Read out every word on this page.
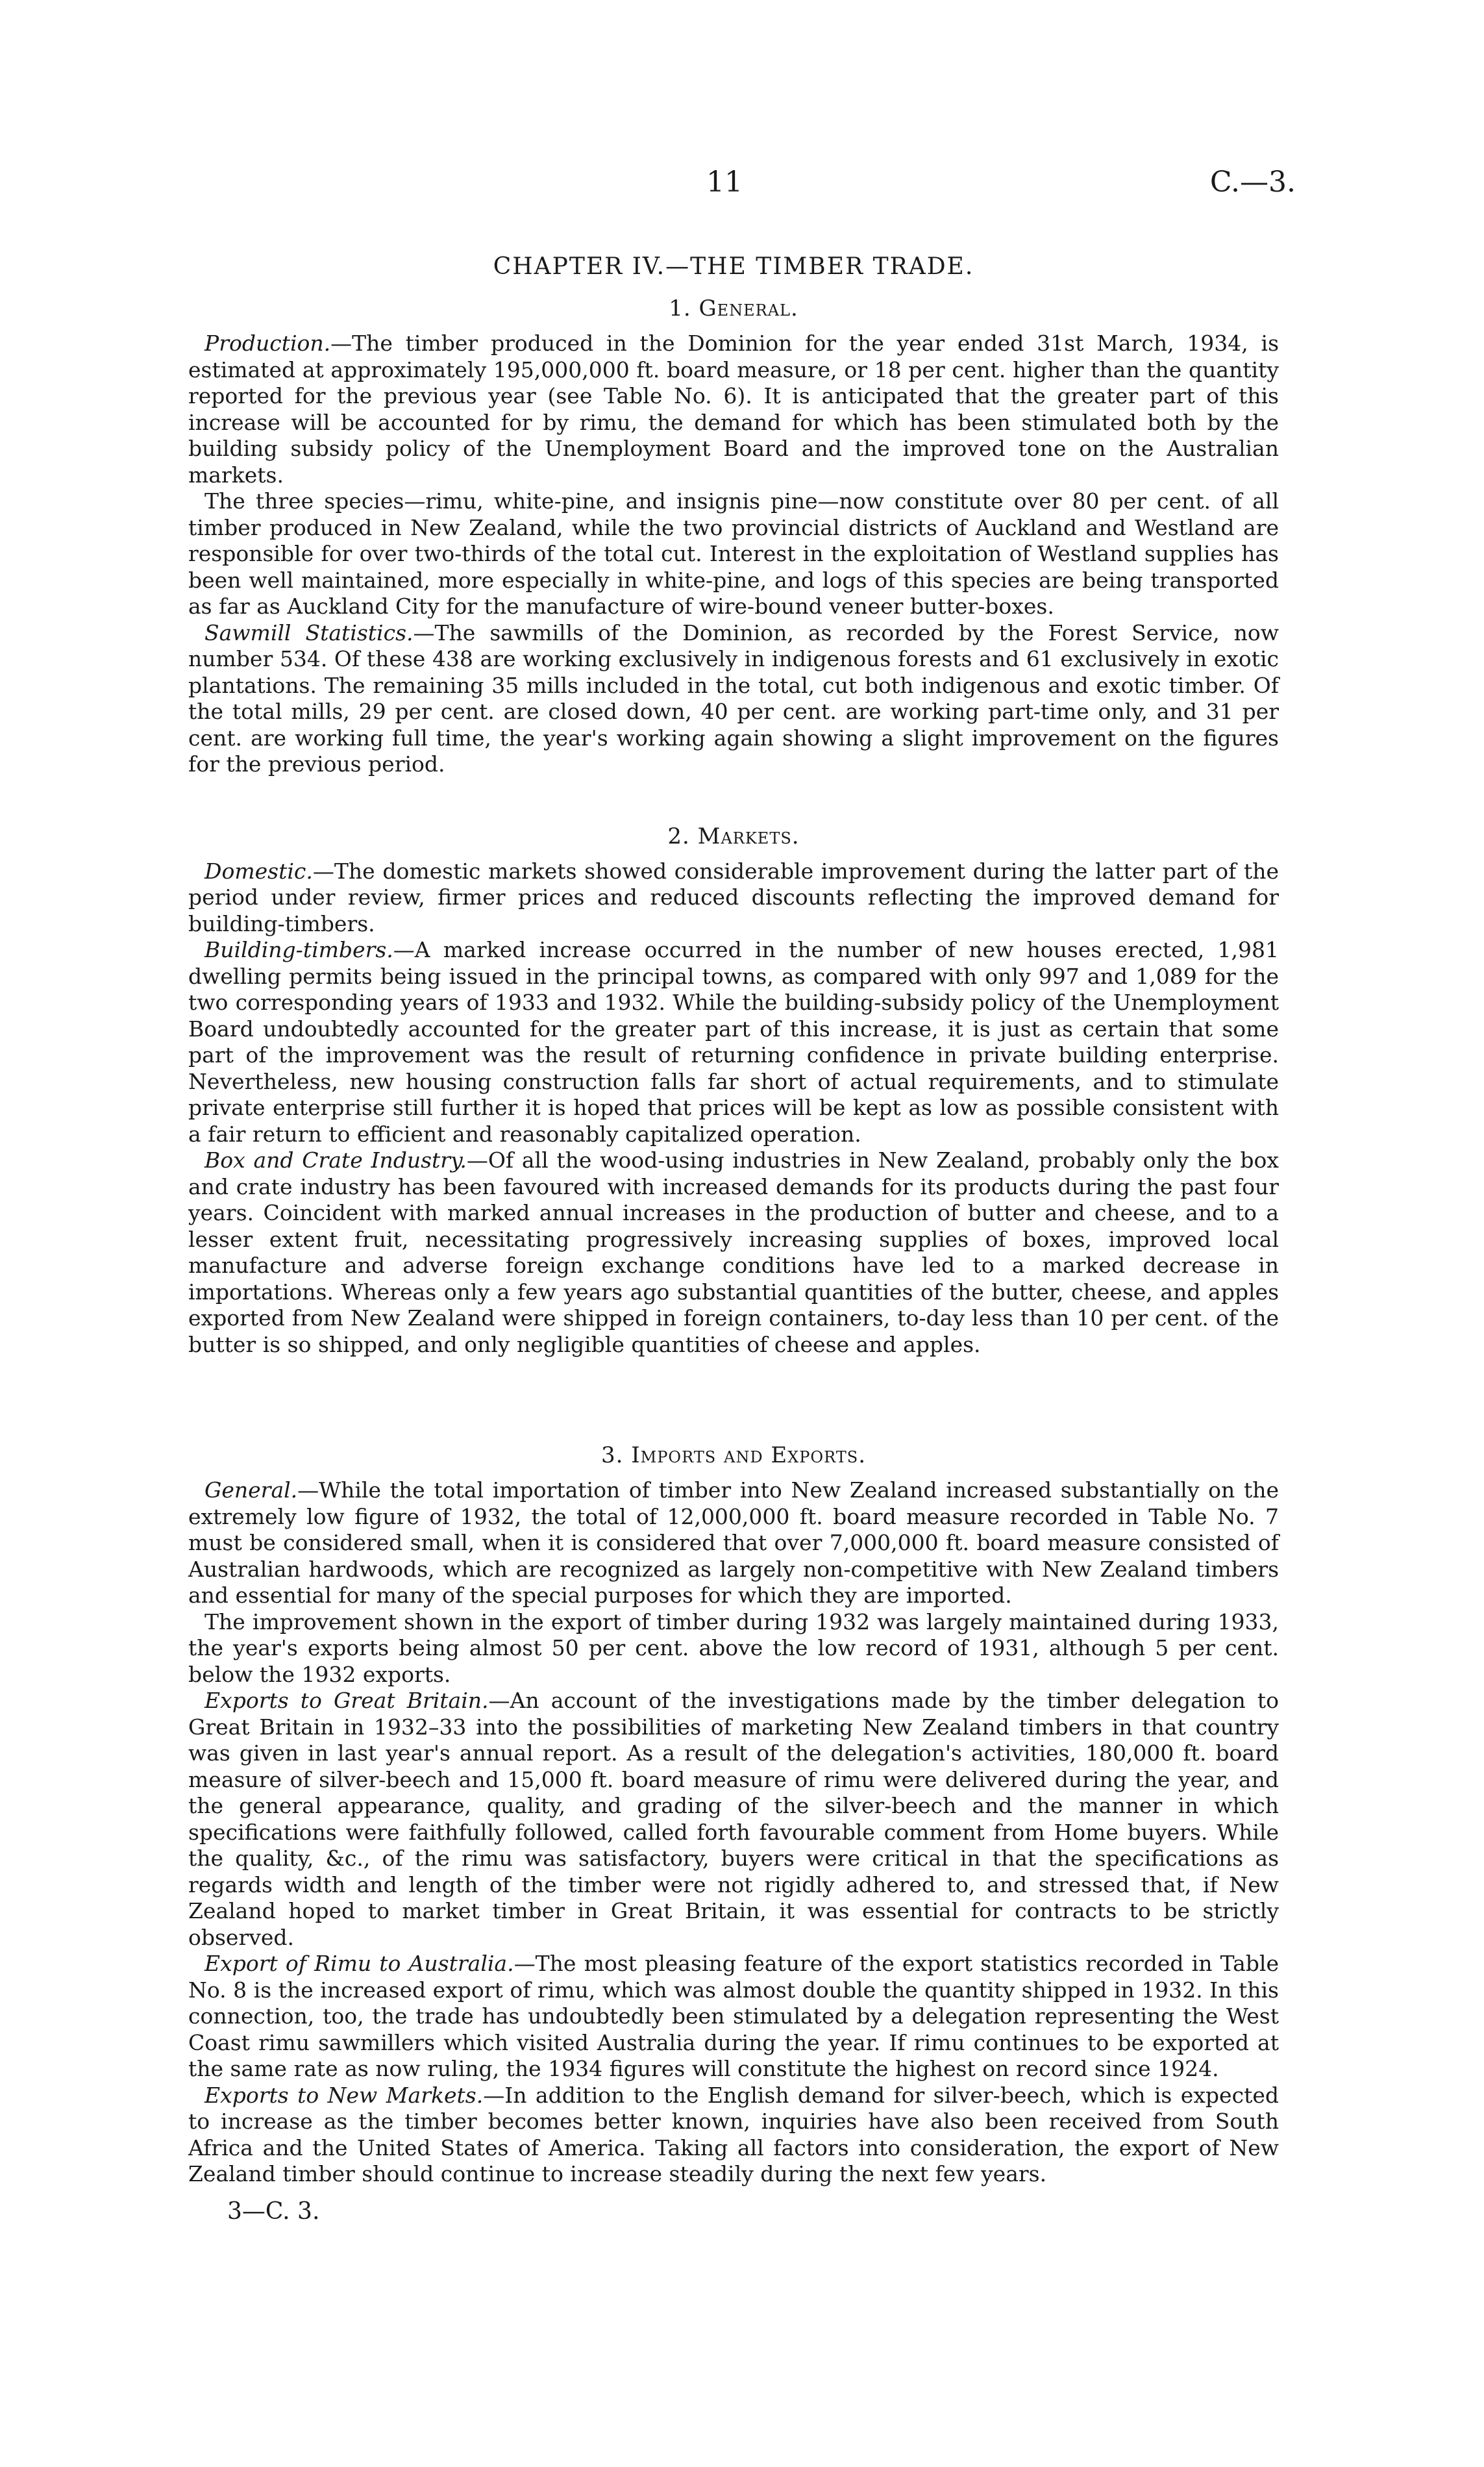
11	C.—3.
CHAPTER IV.—THE TIMBER TRADE.
1. General.

Production.—The timber produced in the Dominion for the year ended 31st March, 1934, is estimated at approximately 195,000,000 ft. board measure, or 18 per cent. higher than the quantity reported for the previous year (see Table No. 6). It is anticipated that the greater part of this increase will be accounted for by rimu, the demand for which has been stimulated both by the building subsidy policy of the Unemployment Board and the improved tone on the Australian markets.

The three species—rimu, white-pine, and insignis pine—now constitute over 80 per cent. of all timber produced in New Zealand, while the two provincial districts of Auckland and Westland are responsible for over two-thirds of the total cut. Interest in the exploitation of Westland supplies has been well maintained, more especially in white-pine, and logs of this species are being transported as far as Auckland City for the manufacture of wire-bound veneer butter-boxes.

Sawmill Statistics.—The sawmills of the Dominion, as recorded by the Forest Service, now number 534. Of these 438 are working exclusively in indigenous forests and 61 exclusively in exotic plantations. The remaining 35 mills included in the total, cut both indigenous and exotic timber. Of the total mills, 29 per cent. are closed down, 40 per cent. are working part-time only, and 31 per cent. are working full time, the year's working again showing a slight improvement on the figures for the previous period.

2. Markets.

Domestic.—The domestic markets showed considerable improvement during the latter part of the period under review, firmer prices and reduced discounts reflecting the improved demand for building-timbers.

Building-timbers.—A marked increase occurred in the number of new houses erected, 1,981 dwelling permits being issued in the principal towns, as compared with only 997 and 1,089 for the two corresponding years of 1933 and 1932. While the building-subsidy policy of the Unemployment Board undoubtedly accounted for the greater part of this increase, it is just as certain that some part of the improvement was the result of returning confidence in private building enterprise. Nevertheless, new housing construction falls far short of actual requirements, and to stimulate private enterprise still further it is hoped that prices will be kept as low as possible consistent with a fair return to efficient and reasonably capitalized operation.

Box and Crate Industry.—Of all the wood-using industries in New Zealand, probably only the box and crate industry has been favoured with increased demands for its products during the past four years. Coincident with marked annual increases in the production of butter and cheese, and to a lesser extent fruit, necessitating progressively increasing supplies of boxes, improved local manufacture and adverse foreign exchange conditions have led to a marked decrease in importations. Whereas only a few years ago substantial quantities of the butter, cheese, and apples exported from New Zealand were shipped in foreign containers, to-day less than 10 per cent. of the butter is so shipped, and only negligible quantities of cheese and apples.

3. Imports and Exports.

General.—While the total importation of timber into New Zealand increased substantially on the extremely low figure of 1932, the total of 12,000,000 ft. board measure recorded in Table No. 7 must be considered small, when it is considered that over 7,000,000 ft. board measure consisted of Australian hardwoods, which are recognized as largely non-competitive with New Zealand timbers and essential for many of the special purposes for which they are imported.

The improvement shown in the export of timber during 1932 was largely maintained during 1933, the year's exports being almost 50 per cent. above the low record of 1931, although 5 per cent. below the 1932 exports.

Exports to Great Britain.—An account of the investigations made by the timber delegation to Great Britain in 1932–33 into the possibilities of marketing New Zealand timbers in that country was given in last year's annual report. As a result of the delegation's activities, 180,000 ft. board measure of silver-beech and 15,000 ft. board measure of rimu were delivered during the year, and the general appearance, quality, and grading of the silver-beech and the manner in which specifications were faithfully followed, called forth favourable comment from Home buyers. While the quality, &c., of the rimu was satisfactory, buyers were critical in that the specifications as regards width and length of the timber were not rigidly adhered to, and stressed that, if New Zealand hoped to market timber in Great Britain, it was essential for contracts to be strictly observed.

Export of Rimu to Australia.—The most pleasing feature of the export statistics recorded in Table No. 8 is the increased export of rimu, which was almost double the quantity shipped in 1932. In this connection, too, the trade has undoubtedly been stimulated by a delegation representing the West Coast rimu sawmillers which visited Australia during the year. If rimu continues to be exported at the same rate as now ruling, the 1934 figures will constitute the highest on record since 1924.

Exports to New Markets.—In addition to the English demand for silver-beech, which is expected to increase as the timber becomes better known, inquiries have also been received from South Africa and the United States of America. Taking all factors into consideration, the export of New Zealand timber should continue to increase steadily during the next few years.

3—C. 3.
